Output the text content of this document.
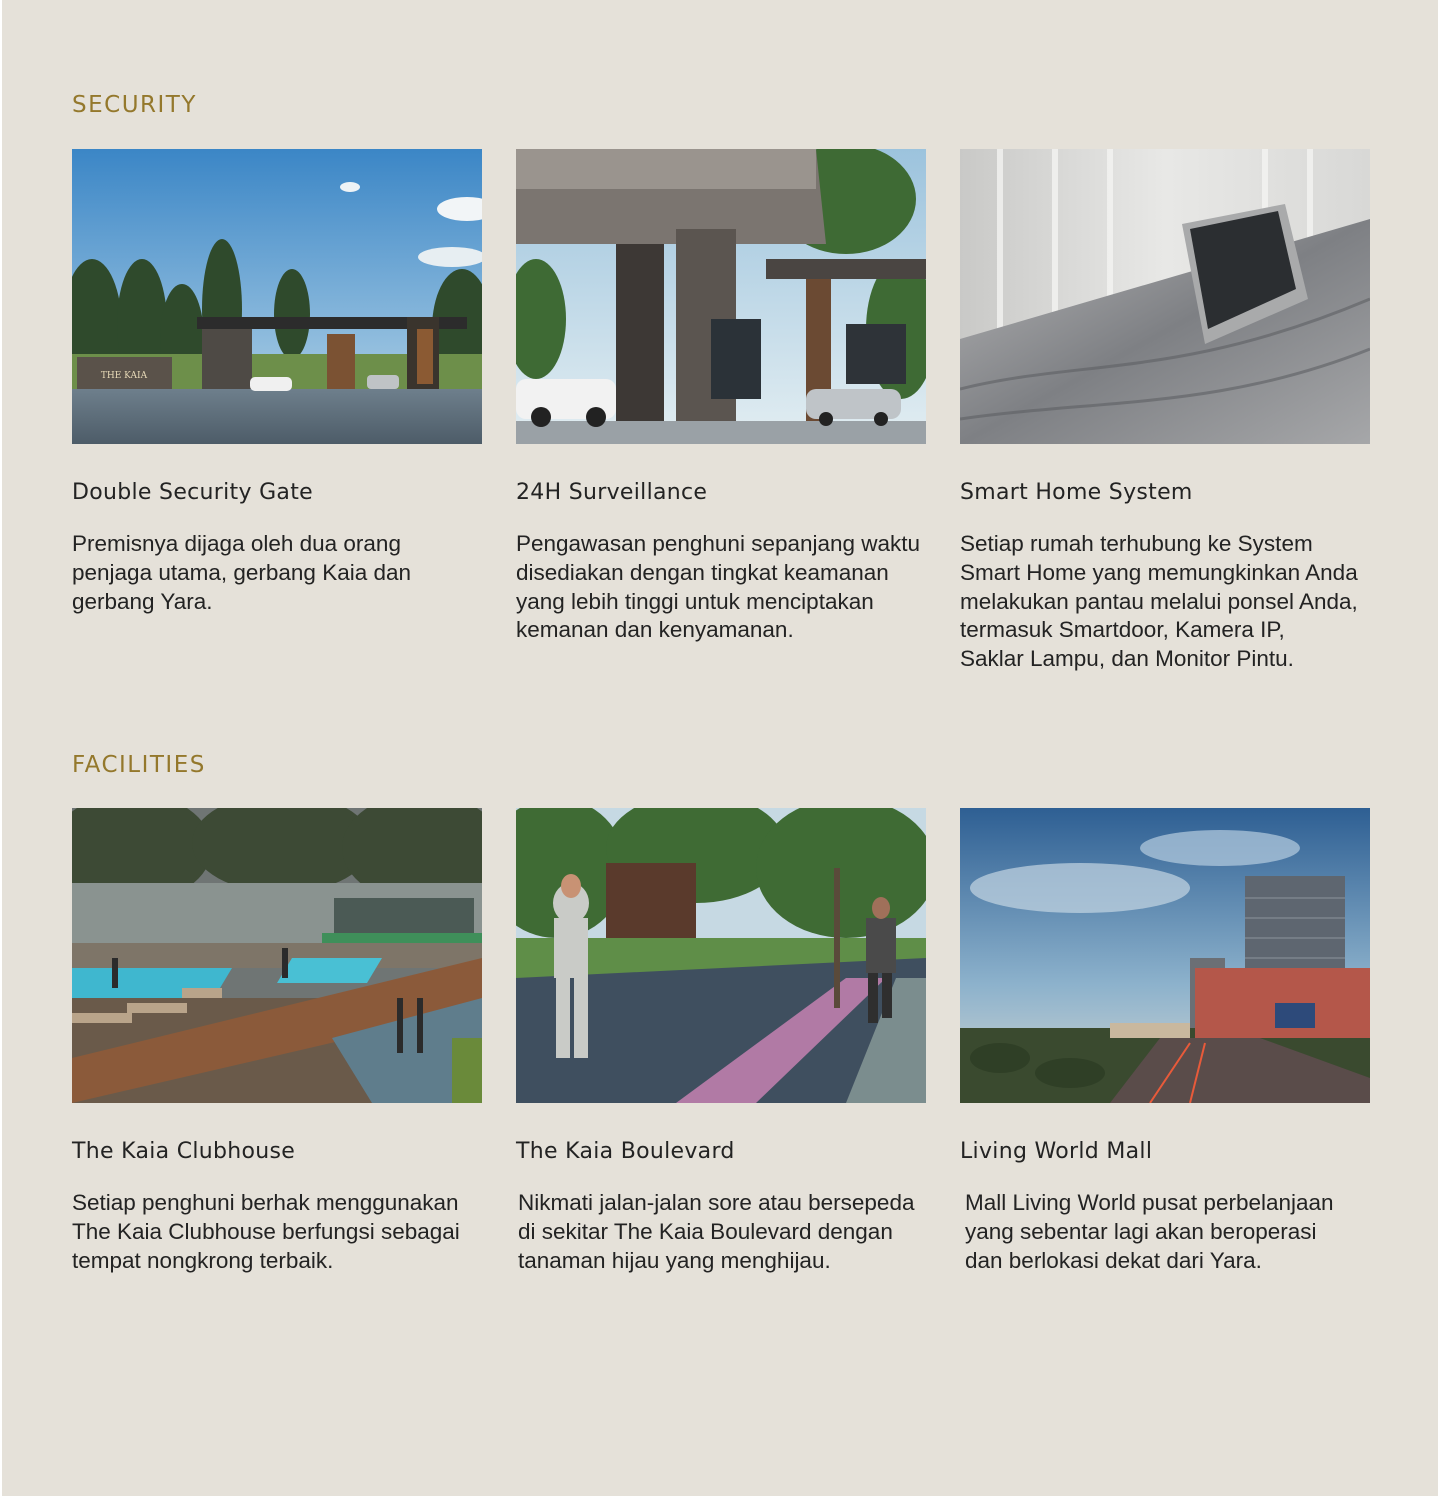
SECURITY
THE KAIA
Double Security Gate

Premisnya dijaga oleh dua orang
penjaga utama, gerbang Kaia dan
gerbang Yara.

24H Surveillance

Pengawasan penghuni sepanjang waktu
disediakan dengan tingkat keamanan
yang lebih tinggi untuk menciptakan
kemanan dan kenyamanan.

Smart Home System

Setiap rumah terhubung ke System
Smart Home yang memungkinkan Anda
melakukan pantau melalui ponsel Anda,
termasuk Smartdoor, Kamera IP,
Saklar Lampu, dan Monitor Pintu.

FACILITIES
The Kaia Clubhouse

Setiap penghuni berhak menggunakan
The Kaia Clubhouse berfungsi sebagai
tempat nongkrong terbaik.

The Kaia Boulevard

Nikmati jalan-jalan sore atau bersepeda
di sekitar The Kaia Boulevard dengan
tanaman hijau yang menghijau.

Living World Mall

Mall Living World pusat perbelanjaan
yang sebentar lagi akan beroperasi
dan berlokasi dekat dari Yara.
